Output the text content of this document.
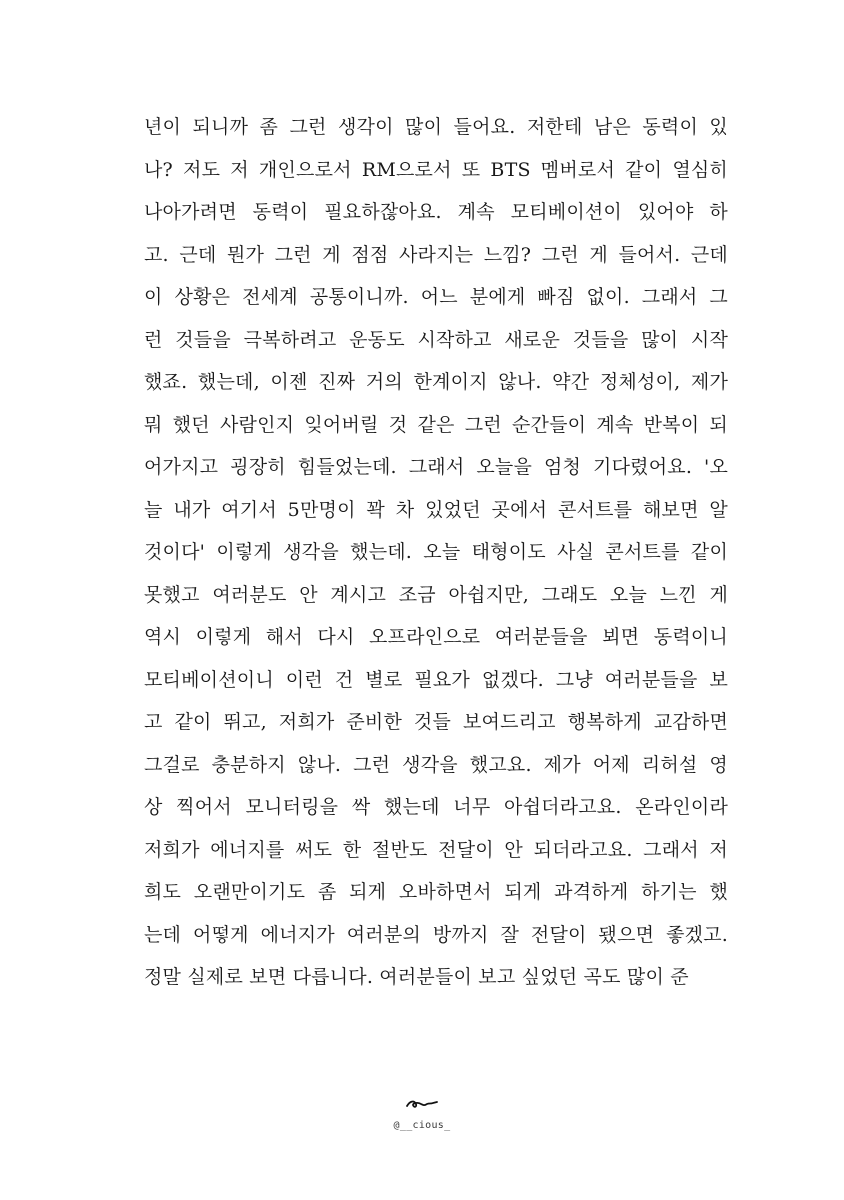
년이 되니까 좀 그런 생각이 많이 들어요. 저한테 남은 동력이 있
나? 저도 저 개인으로서 RM으로서 또 BTS 멤버로서 같이 열심히
나아가려면 동력이 필요하잖아요. 계속 모티베이션이 있어야 하
고. 근데 뭔가 그런 게 점점 사라지는 느낌? 그런 게 들어서. 근데
이 상황은 전세계 공통이니까. 어느 분에게 빠짐 없이. 그래서 그
런 것들을 극복하려고 운동도 시작하고 새로운 것들을 많이 시작
했죠. 했는데, 이젠 진짜 거의 한계이지 않나. 약간 정체성이, 제가
뭐 했던 사람인지 잊어버릴 것 같은 그런 순간들이 계속 반복이 되
어가지고 굉장히 힘들었는데. 그래서 오늘을 엄청 기다렸어요. '오
늘 내가 여기서 5만명이 꽉 차 있었던 곳에서 콘서트를 해보면 알
것이다' 이렇게 생각을 했는데. 오늘 태형이도 사실 콘서트를 같이
못했고 여러분도 안 계시고 조금 아쉽지만, 그래도 오늘 느낀 게
역시 이렇게 해서 다시 오프라인으로 여러분들을 뵈면 동력이니
모티베이션이니 이런 건 별로 필요가 없겠다. 그냥 여러분들을 보
고 같이 뛰고, 저희가 준비한 것들 보여드리고 행복하게 교감하면
그걸로 충분하지 않나. 그런 생각을 했고요. 제가 어제 리허설 영
상 찍어서 모니터링을 싹 했는데 너무 아쉽더라고요. 온라인이라
저희가 에너지를 써도 한 절반도 전달이 안 되더라고요. 그래서 저
희도 오랜만이기도 좀 되게 오바하면서 되게 과격하게 하기는 했
는데 어떻게 에너지가 여러분의 방까지 잘 전달이 됐으면 좋겠고.
정말 실제로 보면 다릅니다. 여러분들이 보고 싶었던 곡도 많이 준
@__cious_
